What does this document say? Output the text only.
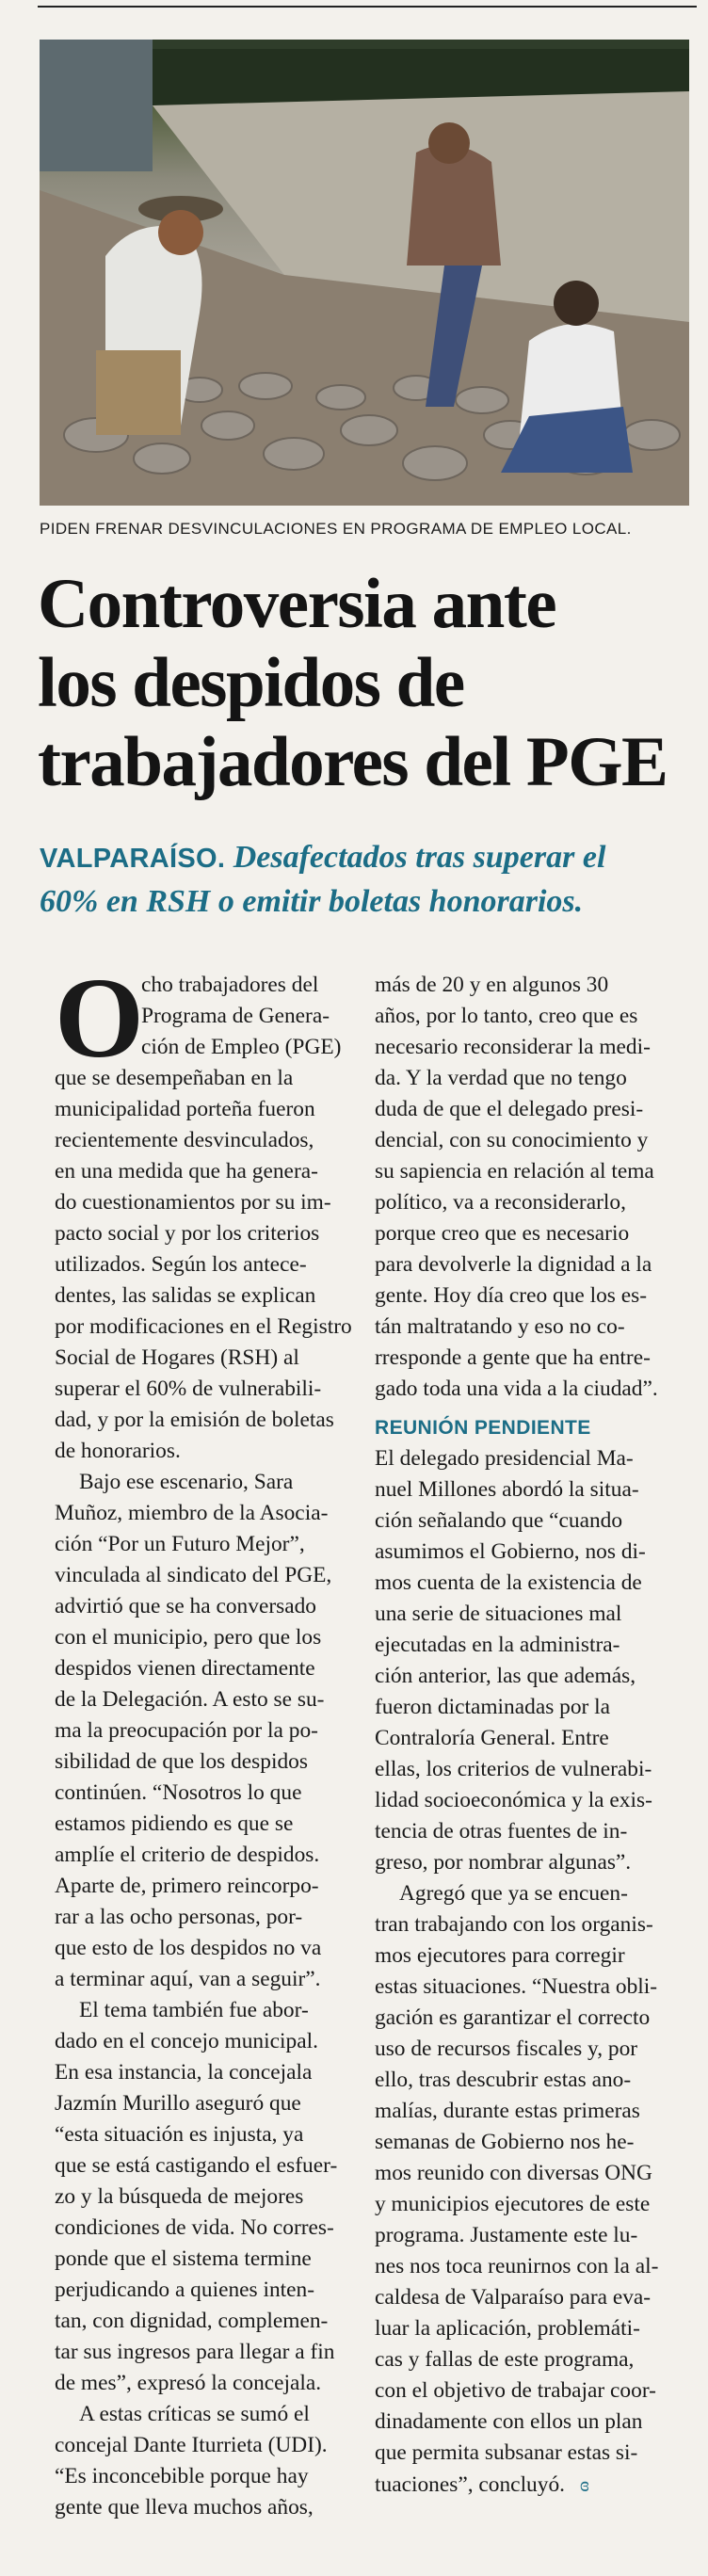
PIDEN FRENAR DESVINCULACIONES EN PROGRAMA DE EMPLEO LOCAL.
Controversia ante
los despidos de
trabajadores del PGE
VALPARAÍSO. Desafectados tras superar el
60% en RSH o emitir boletas honorarios.
O
cho trabajadores del
Programa de Genera-
ción de Empleo (PGE)
que se desempeñaban en la
municipalidad porteña fueron
recientemente desvinculados,
en una medida que ha genera-
do cuestionamientos por su im-
pacto social y por los criterios
utilizados. Según los antece-
dentes, las salidas se explican
por modificaciones en el Registro
Social de Hogares (RSH) al
superar el 60% de vulnerabili-
dad, y por la emisión de boletas
de honorarios.
Bajo ese escenario, Sara
Muñoz, miembro de la Asocia-
ción “Por un Futuro Mejor”,
vinculada al sindicato del PGE,
advirtió que se ha conversado
con el municipio, pero que los
despidos vienen directamente
de la Delegación. A esto se su-
ma la preocupación por la po-
sibilidad de que los despidos
continúen. “Nosotros lo que
estamos pidiendo es que se
amplíe el criterio de despidos.
Aparte de, primero reincorpo-
rar a las ocho personas, por-
que esto de los despidos no va
a terminar aquí, van a seguir”.
El tema también fue abor-
dado en el concejo municipal.
En esa instancia, la concejala
Jazmín Murillo aseguró que
“esta situación es injusta, ya
que se está castigando el esfuer-
zo y la búsqueda de mejores
condiciones de vida. No corres-
ponde que el sistema termine
perjudicando a quienes inten-
tan, con dignidad, complemen-
tar sus ingresos para llegar a fin
de mes”, expresó la concejala.
A estas críticas se sumó el
concejal Dante Iturrieta (UDI).
“Es inconcebible porque hay
gente que lleva muchos años,
más de 20 y en algunos 30
años, por lo tanto, creo que es
necesario reconsiderar la medi-
da. Y la verdad que no tengo
duda de que el delegado presi-
dencial, con su conocimiento y
su sapiencia en relación al tema
político, va a reconsiderarlo,
porque creo que es necesario
para devolverle la dignidad a la
gente. Hoy día creo que los es-
tán maltratando y eso no co-
rresponde a gente que ha entre-
gado toda una vida a la ciudad”.
REUNIÓN PENDIENTE
El delegado presidencial Ma-
nuel Millones abordó la situa-
ción señalando que “cuando
asumimos el Gobierno, nos di-
mos cuenta de la existencia de
una serie de situaciones mal
ejecutadas en la administra-
ción anterior, las que además,
fueron dictaminadas por la
Contraloría General. Entre
ellas, los criterios de vulnerabi-
lidad socioeconómica y la exis-
tencia de otras fuentes de in-
greso, por nombrar algunas”.
Agregó que ya se encuen-
tran trabajando con los organis-
mos ejecutores para corregir
estas situaciones. “Nuestra obli-
gación es garantizar el correcto
uso de recursos fiscales y, por
ello, tras descubrir estas ano-
malías, durante estas primeras
semanas de Gobierno nos he-
mos reunido con diversas ONG
y municipios ejecutores de este
programa. Justamente este lu-
nes nos toca reunirnos con la al-
caldesa de Valparaíso para eva-
luar la aplicación, problemáti-
cas y fallas de este programa,
con el objetivo de trabajar coor-
dinadamente con ellos un plan
que permita subsanar estas si-
tuaciones”, concluyó. ɞ
